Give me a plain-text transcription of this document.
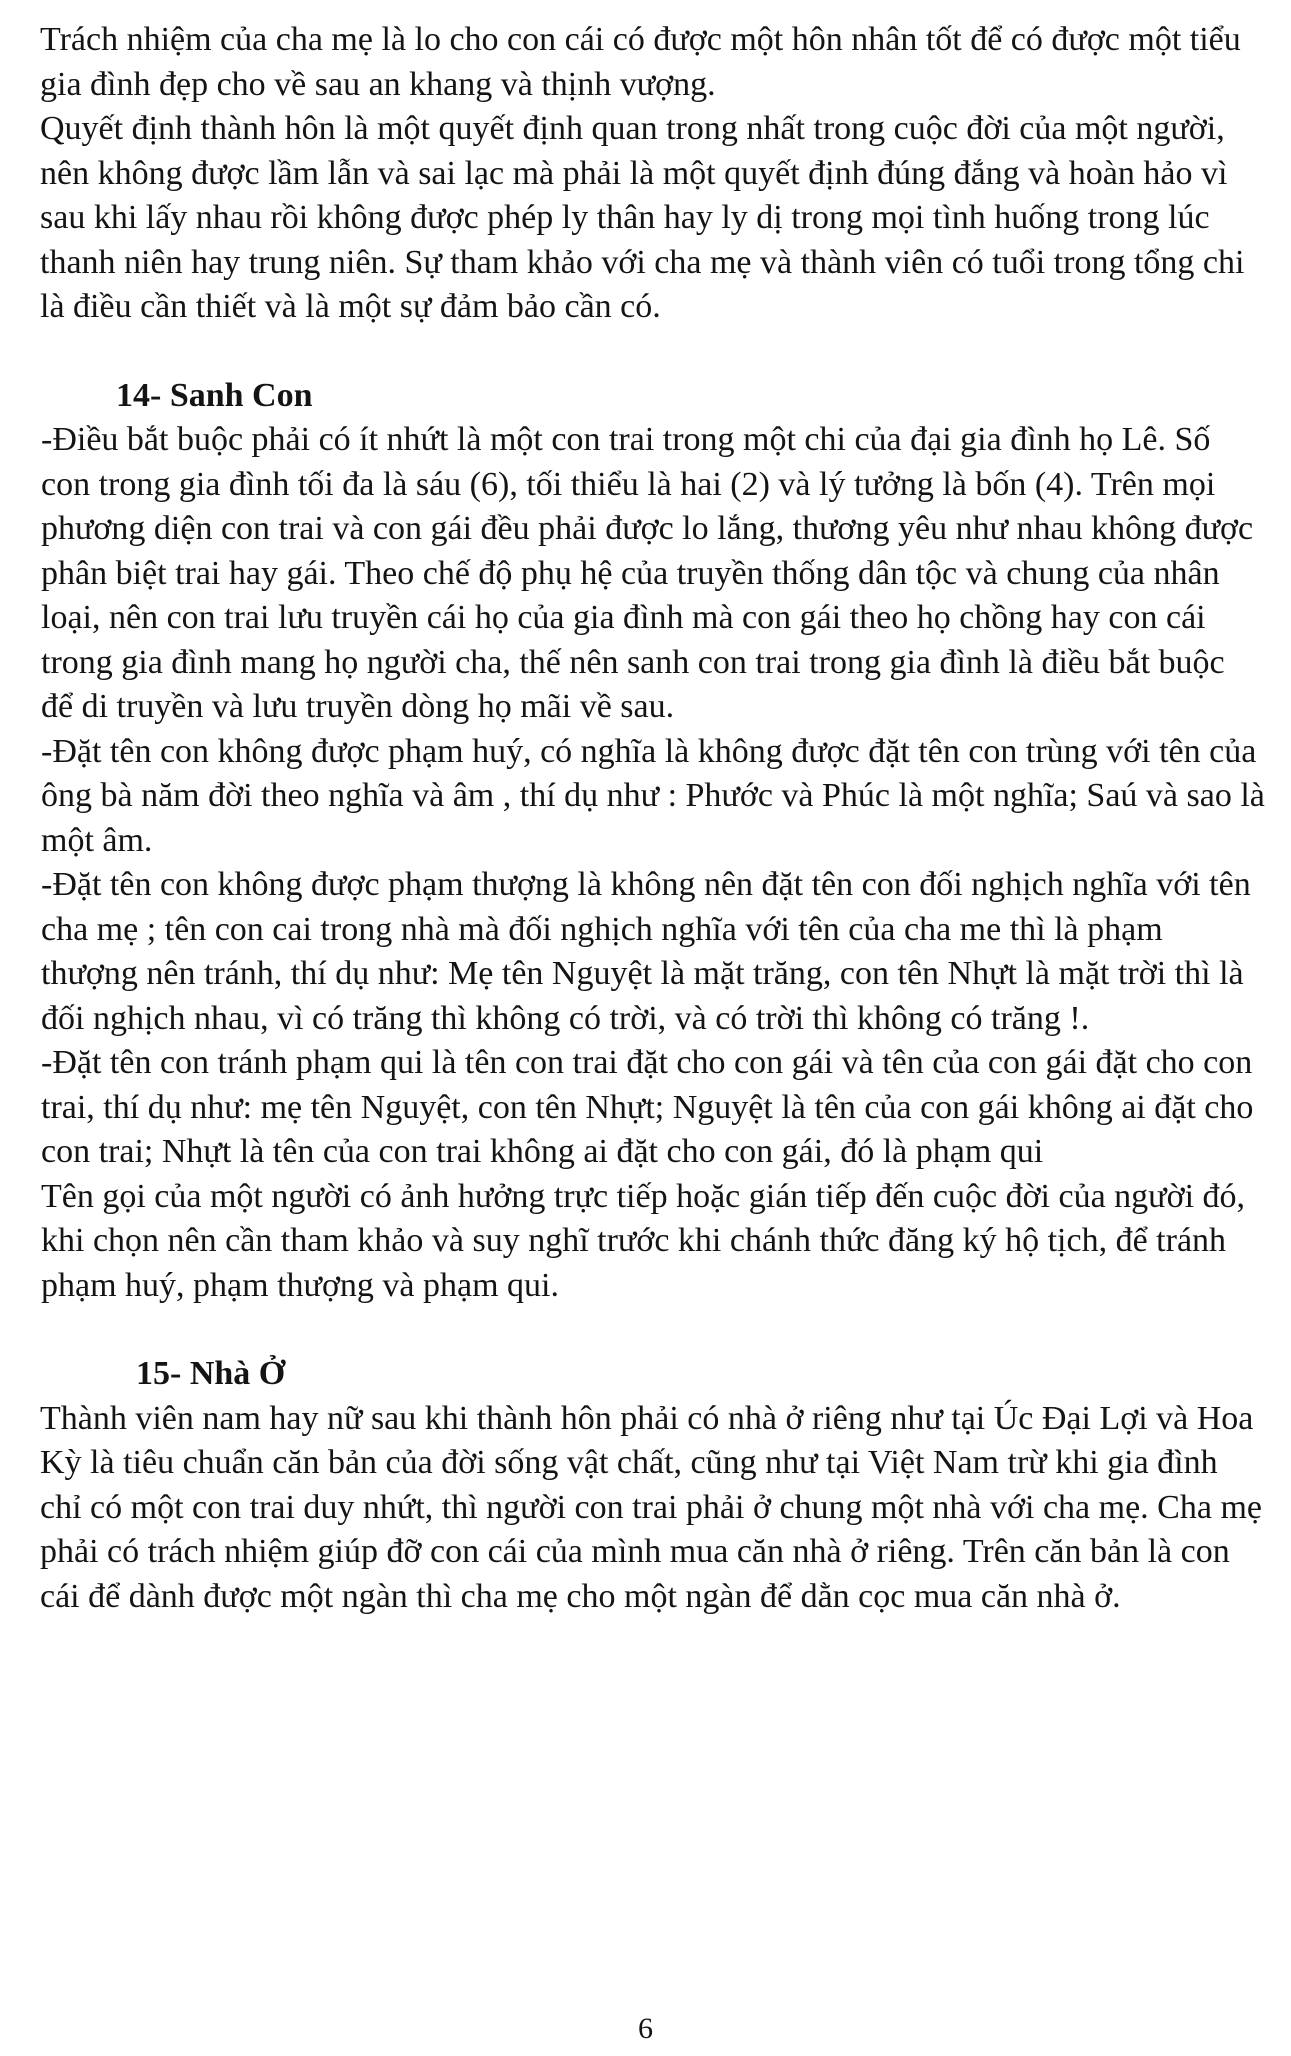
Trách nhiệm của cha mẹ là lo cho con cái có được một hôn nhân tốt để có được một tiểu gia đình đẹp cho về sau an khang và thịnh vượng.

Quyết định thành hôn là một quyết định quan trong nhất trong cuộc đời của một người, nên không được lầm lẫn và sai lạc mà phải là một quyết định đúng đắng và hoàn hảo vì sau khi lấy nhau rồi không được phép ly thân hay ly dị trong mọi tình huống trong lúc thanh niên hay trung niên. Sự tham khảo với cha mẹ và thành viên có tuổi trong tổng chi là điều cần thiết và là một sự đảm bảo cần có.

14- Sanh Con

-Điều bắt buộc phải có ít nhứt là một con trai trong một chi của đại gia đình họ Lê. Số con trong gia đình tối đa là sáu (6), tối thiểu là hai (2) và lý tưởng là bốn (4). Trên mọi phương diện con trai và con gái đều phải được lo lắng, thương yêu như nhau không được phân biệt trai hay gái. Theo chế độ phụ hệ của truyền thống dân tộc và chung của nhân loại, nên con trai lưu truyền cái họ của gia đình mà con gái theo họ chồng hay con cái trong gia đình mang họ người cha, thế nên sanh con trai trong gia đình là điều bắt buộc để di truyền và lưu truyền dòng họ mãi về sau.

-Đặt tên con không được phạm huý, có nghĩa là không được đặt tên con trùng với tên của ông bà năm đời theo nghĩa và âm , thí dụ như : Phước và Phúc là một nghĩa; Saú và sao là một âm.

-Đặt tên con không được phạm thượng là không nên đặt tên con đối nghịch nghĩa với tên cha mẹ ; tên con cai trong nhà mà đối nghịch nghĩa với tên của cha me thì là phạm thượng nên tránh, thí dụ như: Mẹ tên Nguyệt là mặt trăng, con tên Nhựt là mặt trời thì là đối nghịch nhau, vì có trăng thì không có trời, và có trời thì không có trăng !.

-Đặt tên con tránh phạm qui là tên con trai đặt cho con gái và tên của con gái đặt cho con trai, thí dụ như: mẹ tên Nguyệt, con tên Nhựt; Nguyệt là tên của con gái không ai đặt cho con trai; Nhựt là tên của con trai không ai đặt cho con gái, đó là phạm qui

Tên gọi của một người có ảnh hưởng trực tiếp hoặc gián tiếp đến cuộc đời của người đó, khi chọn nên cần tham khảo và suy nghĩ trước khi chánh thức đăng ký hộ tịch, để tránh phạm huý, phạm thượng và phạm qui.

15- Nhà Ở

Thành viên nam hay nữ sau khi thành hôn phải có nhà ở riêng như tại Úc Đại Lợi và Hoa Kỳ là tiêu chuẩn căn bản của đời sống vật chất, cũng như tại Việt Nam trừ khi gia đình chỉ có một con trai duy nhứt, thì người con trai phải ở chung một nhà với cha mẹ. Cha mẹ phải có trách nhiệm giúp đỡ con cái của mình mua căn nhà ở riêng. Trên căn bản là con cái để dành được một ngàn thì cha mẹ cho một ngàn để dằn cọc mua căn nhà ở.

6
